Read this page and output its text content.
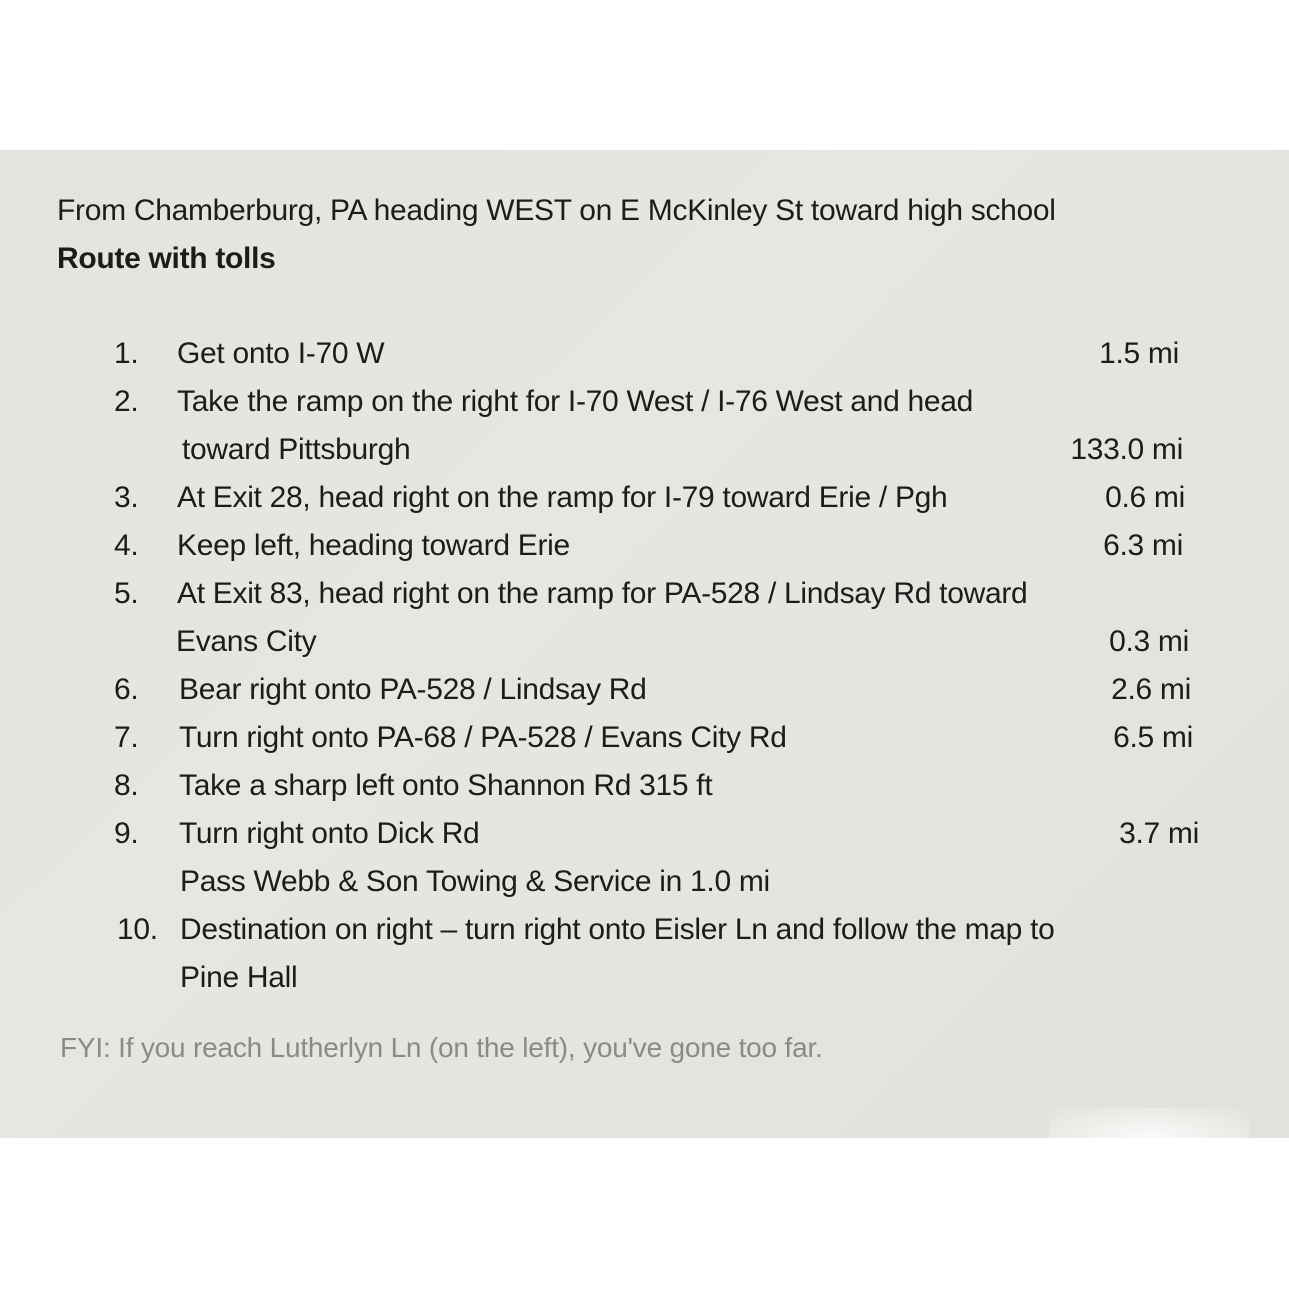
From Chamberburg, PA heading WEST on E McKinley St toward high school
Route with tolls
1. Get onto I-70 W	1.5 mi
2. Take the ramp on the right for I-70 West / I-76 West and head
toward Pittsburgh	133.0 mi
3. At Exit 28, head right on the ramp for I-79 toward Erie / Pgh	0.6 mi
4. Keep left, heading toward Erie	6.3 mi
5. At Exit 83, head right on the ramp for PA-528 / Lindsay Rd toward
Evans City	0.3 mi
6. Bear right onto PA-528 / Lindsay Rd	2.6 mi
7. Turn right onto PA-68 / PA-528 / Evans City Rd	6.5 mi
8. Take a sharp left onto Shannon Rd 315 ft
9. Turn right onto Dick Rd	3.7 mi
Pass Webb & Son Towing & Service in 1.0 mi
10. Destination on right – turn right onto Eisler Ln and follow the map to
Pine Hall
FYI: If you reach Lutherlyn Ln (on the left), you've gone too far.
